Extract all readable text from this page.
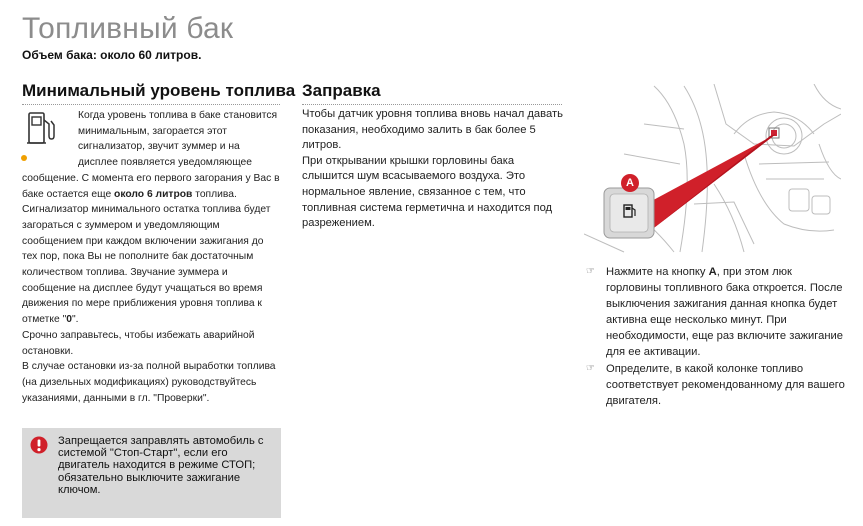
Топливный бак
Объем бака: около 60 литров.
Минимальный уровень топлива Заправка

Когда уровень топлива в баке становится минимальным, загорается этот сигнализатор, звучит зуммер и на дисплее появляется уведомляющее сообщение. С момента его первого загорания у Вас в баке остается еще около 6 литров топлива.

Сигнализатор минимального остатка топлива будет загораться с зуммером и уведомляющим сообщением при каждом включении зажигания до тех пор, пока Вы не пополните бак достаточным количеством топлива. Звучание зуммера и сообщение на дисплее будут учащаться во время движения по мере приближения уровня топлива к отметке "0".

Срочно заправьтесь, чтобы избежать аварийной остановки.

В случае остановки из-за полной выработки топлива (на дизельных модификациях) руководствуйтесь указаниями, данными в гл. "Проверки".

Чтобы датчик уровня топлива вновь начал давать показания, необходимо залить в бак более 5 литров.

При открывании крышки горловины бака слышится шум всасываемого воздуха. Это нормальное явление, связанное с тем, что топливная система герметична и находится под разрежением.

Запрещается заправлять автомобиль с системой "Стоп-Старт", если его двигатель находится в режиме СТОП; обязательно выключите зажигание ключом.
A
☞ Нажмите на кнопку A, при этом люк горловины топливного бака откроется. После выключения зажигания данная кнопка будет активна еще несколько минут. При необходимости, еще раз включите зажигание для ее активации.
☞ Определите, в какой колонке топливо соответствует рекомендованному для вашего двигателя.
